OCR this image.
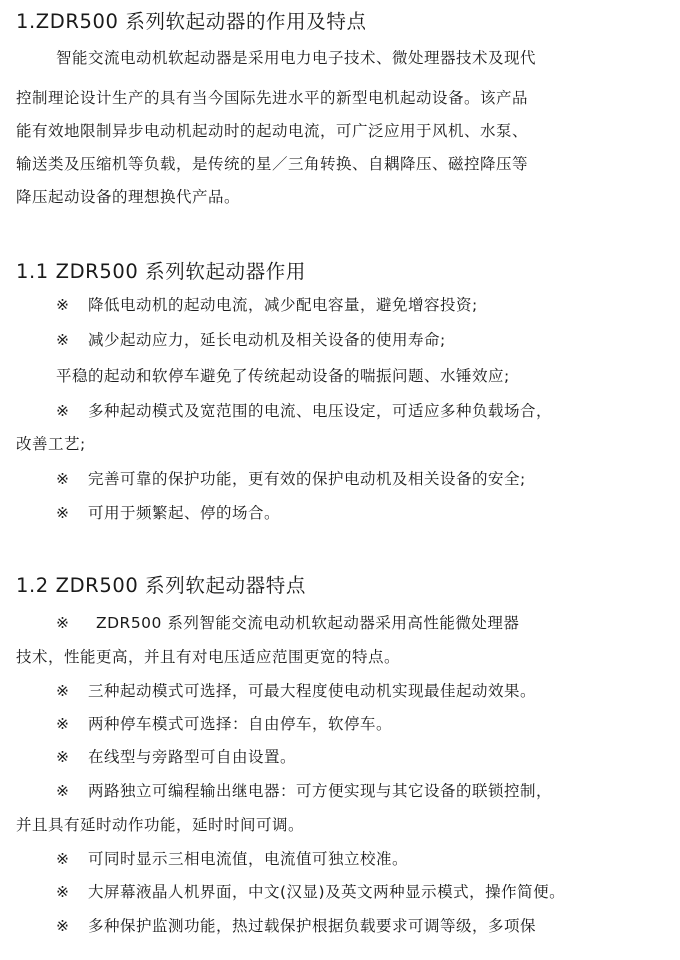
1.ZDR500 系列软起动器的作用及特点
智能交流电动机软起动器是采用电力电子技术、微处理器技术及现代
控制理论设计生产的具有当今国际先进水平的新型电机起动设备。该产品
能有效地限制异步电动机起动时的起动电流，可广泛应用于风机、水泵、
输送类及压缩机等负载，是传统的星／三角转换、自耦降压、磁控降压等
降压起动设备的理想换代产品。
1.1 ZDR500 系列软起动器作用
※ 降低电动机的起动电流，减少配电容量，避免增容投资;
※ 减少起动应力，延长电动机及相关设备的使用寿命;
平稳的起动和软停车避免了传统起动设备的喘振问题、水锤效应;
※ 多种起动模式及宽范围的电流、电压设定，可适应多种负载场合，
改善工艺;
※ 完善可靠的保护功能，更有效的保护电动机及相关设备的安全;
※ 可用于频繁起、停的场合。
1.2 ZDR500 系列软起动器特点
※ ZDR500 系列智能交流电动机软起动器采用高性能微处理器
技术，性能更高，并且有对电压适应范围更宽的特点。
※ 三种起动模式可选择，可最大程度使电动机实现最佳起动效果。
※ 两种停车模式可选择：自由停车，软停车。
※ 在线型与旁路型可自由设置。
※ 两路独立可编程输出继电器：可方便实现与其它设备的联锁控制，
并且具有延时动作功能，延时时间可调。
※ 可同时显示三相电流值，电流值可独立校准。
※ 大屏幕液晶人机界面，中文(汉显)及英文两种显示模式，操作简便。
※ 多种保护监测功能，热过载保护根据负载要求可调等级，多项保
